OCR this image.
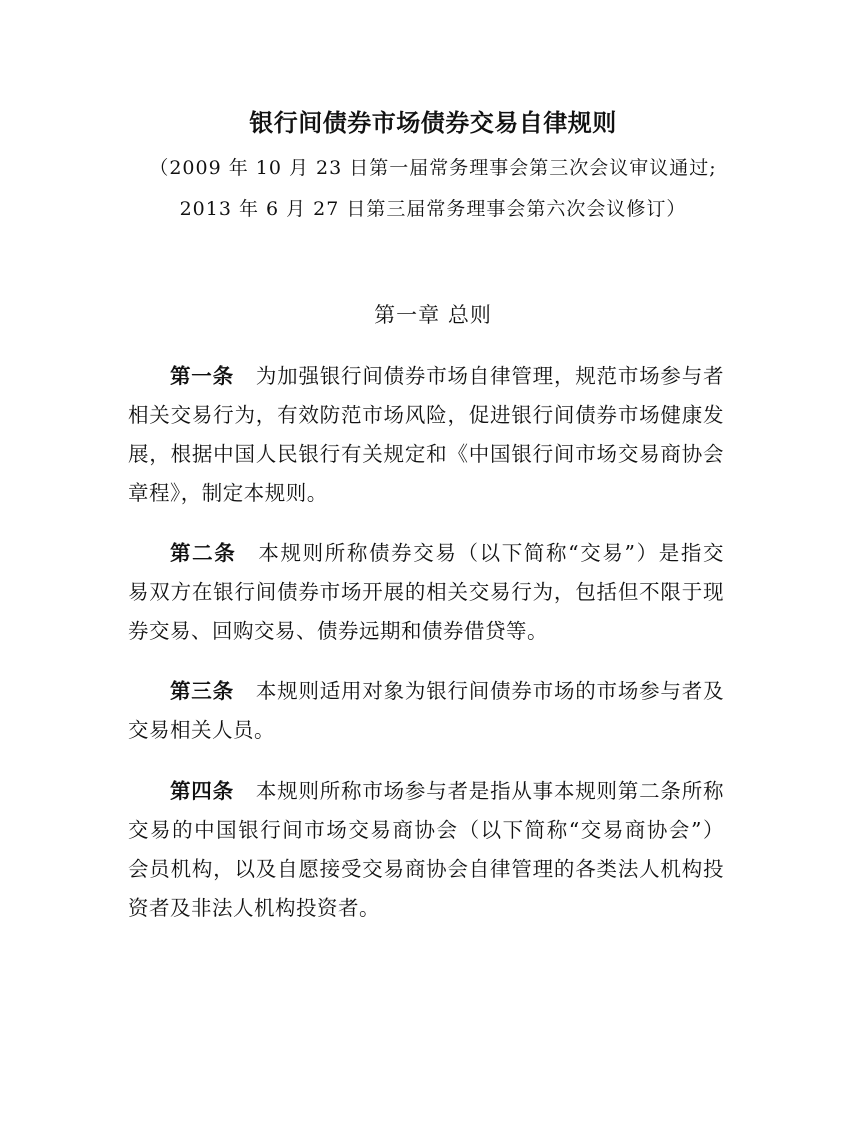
银行间债券市场债券交易自律规则
（2009 年 10 月 23 日第一届常务理事会第三次会议审议通过;
2013 年 6 月 27 日第三届常务理事会第六次会议修订）
第一章 总则
第一条 为加强银行间债券市场自律管理，规范市场参与者
相关交易行为，有效防范市场风险，促进银行间债券市场健康发
展，根据中国人民银行有关规定和《中国银行间市场交易商协会
章程》，制定本规则。
第二条 本规则所称债券交易（以下简称“交易”）是指交
易双方在银行间债券市场开展的相关交易行为，包括但不限于现
券交易、回购交易、债券远期和债券借贷等。
第三条 本规则适用对象为银行间债券市场的市场参与者及
交易相关人员。
第四条 本规则所称市场参与者是指从事本规则第二条所称
交易的中国银行间市场交易商协会（以下简称“交易商协会”）
会员机构，以及自愿接受交易商协会自律管理的各类法人机构投
资者及非法人机构投资者。
